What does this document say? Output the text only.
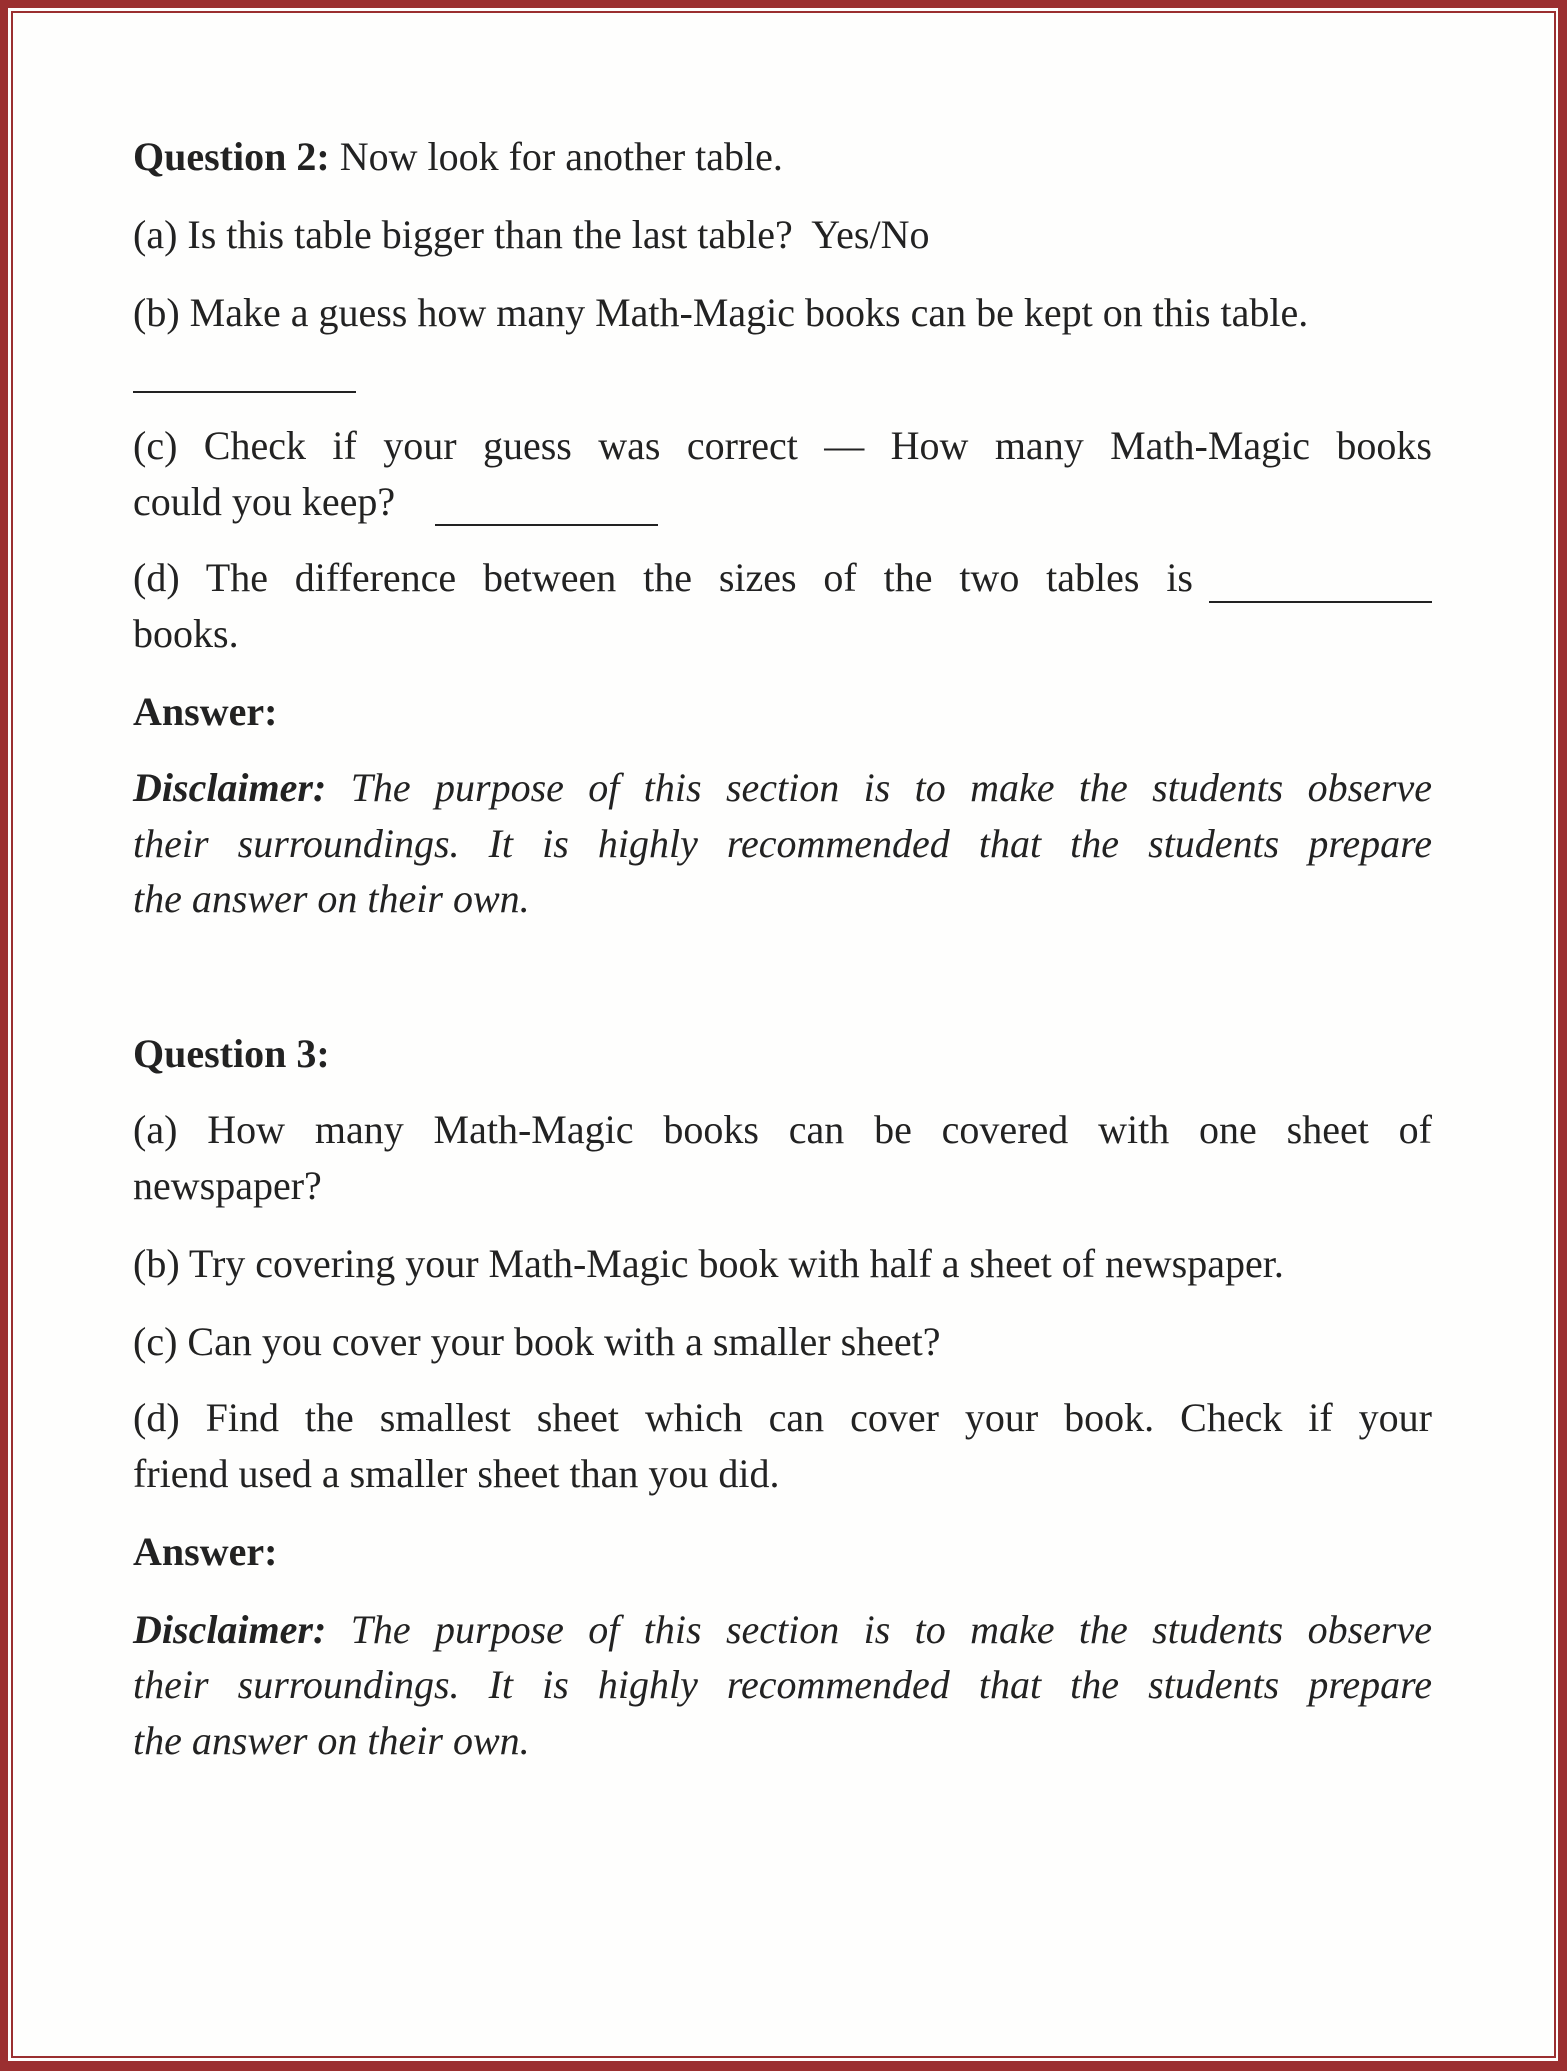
Question 2: Now look for another table.
(a) Is this table bigger than the last table? Yes/No
(b) Make a guess how many Math-Magic books can be kept on this table.
(c) Check if your guess was correct — How many Math-Magic books
could you keep?
(d) The difference between the sizes of the two tables is
books.
Answer:
Disclaimer: The purpose of this section is to make the students observe
their surroundings. It is highly recommended that the students prepare
the answer on their own.
Question 3:
(a) How many Math-Magic books can be covered with one sheet of
newspaper?
(b) Try covering your Math-Magic book with half a sheet of newspaper.
(c) Can you cover your book with a smaller sheet?
(d) Find the smallest sheet which can cover your book. Check if your
friend used a smaller sheet than you did.
Answer:
Disclaimer: The purpose of this section is to make the students observe
their surroundings. It is highly recommended that the students prepare
the answer on their own.
